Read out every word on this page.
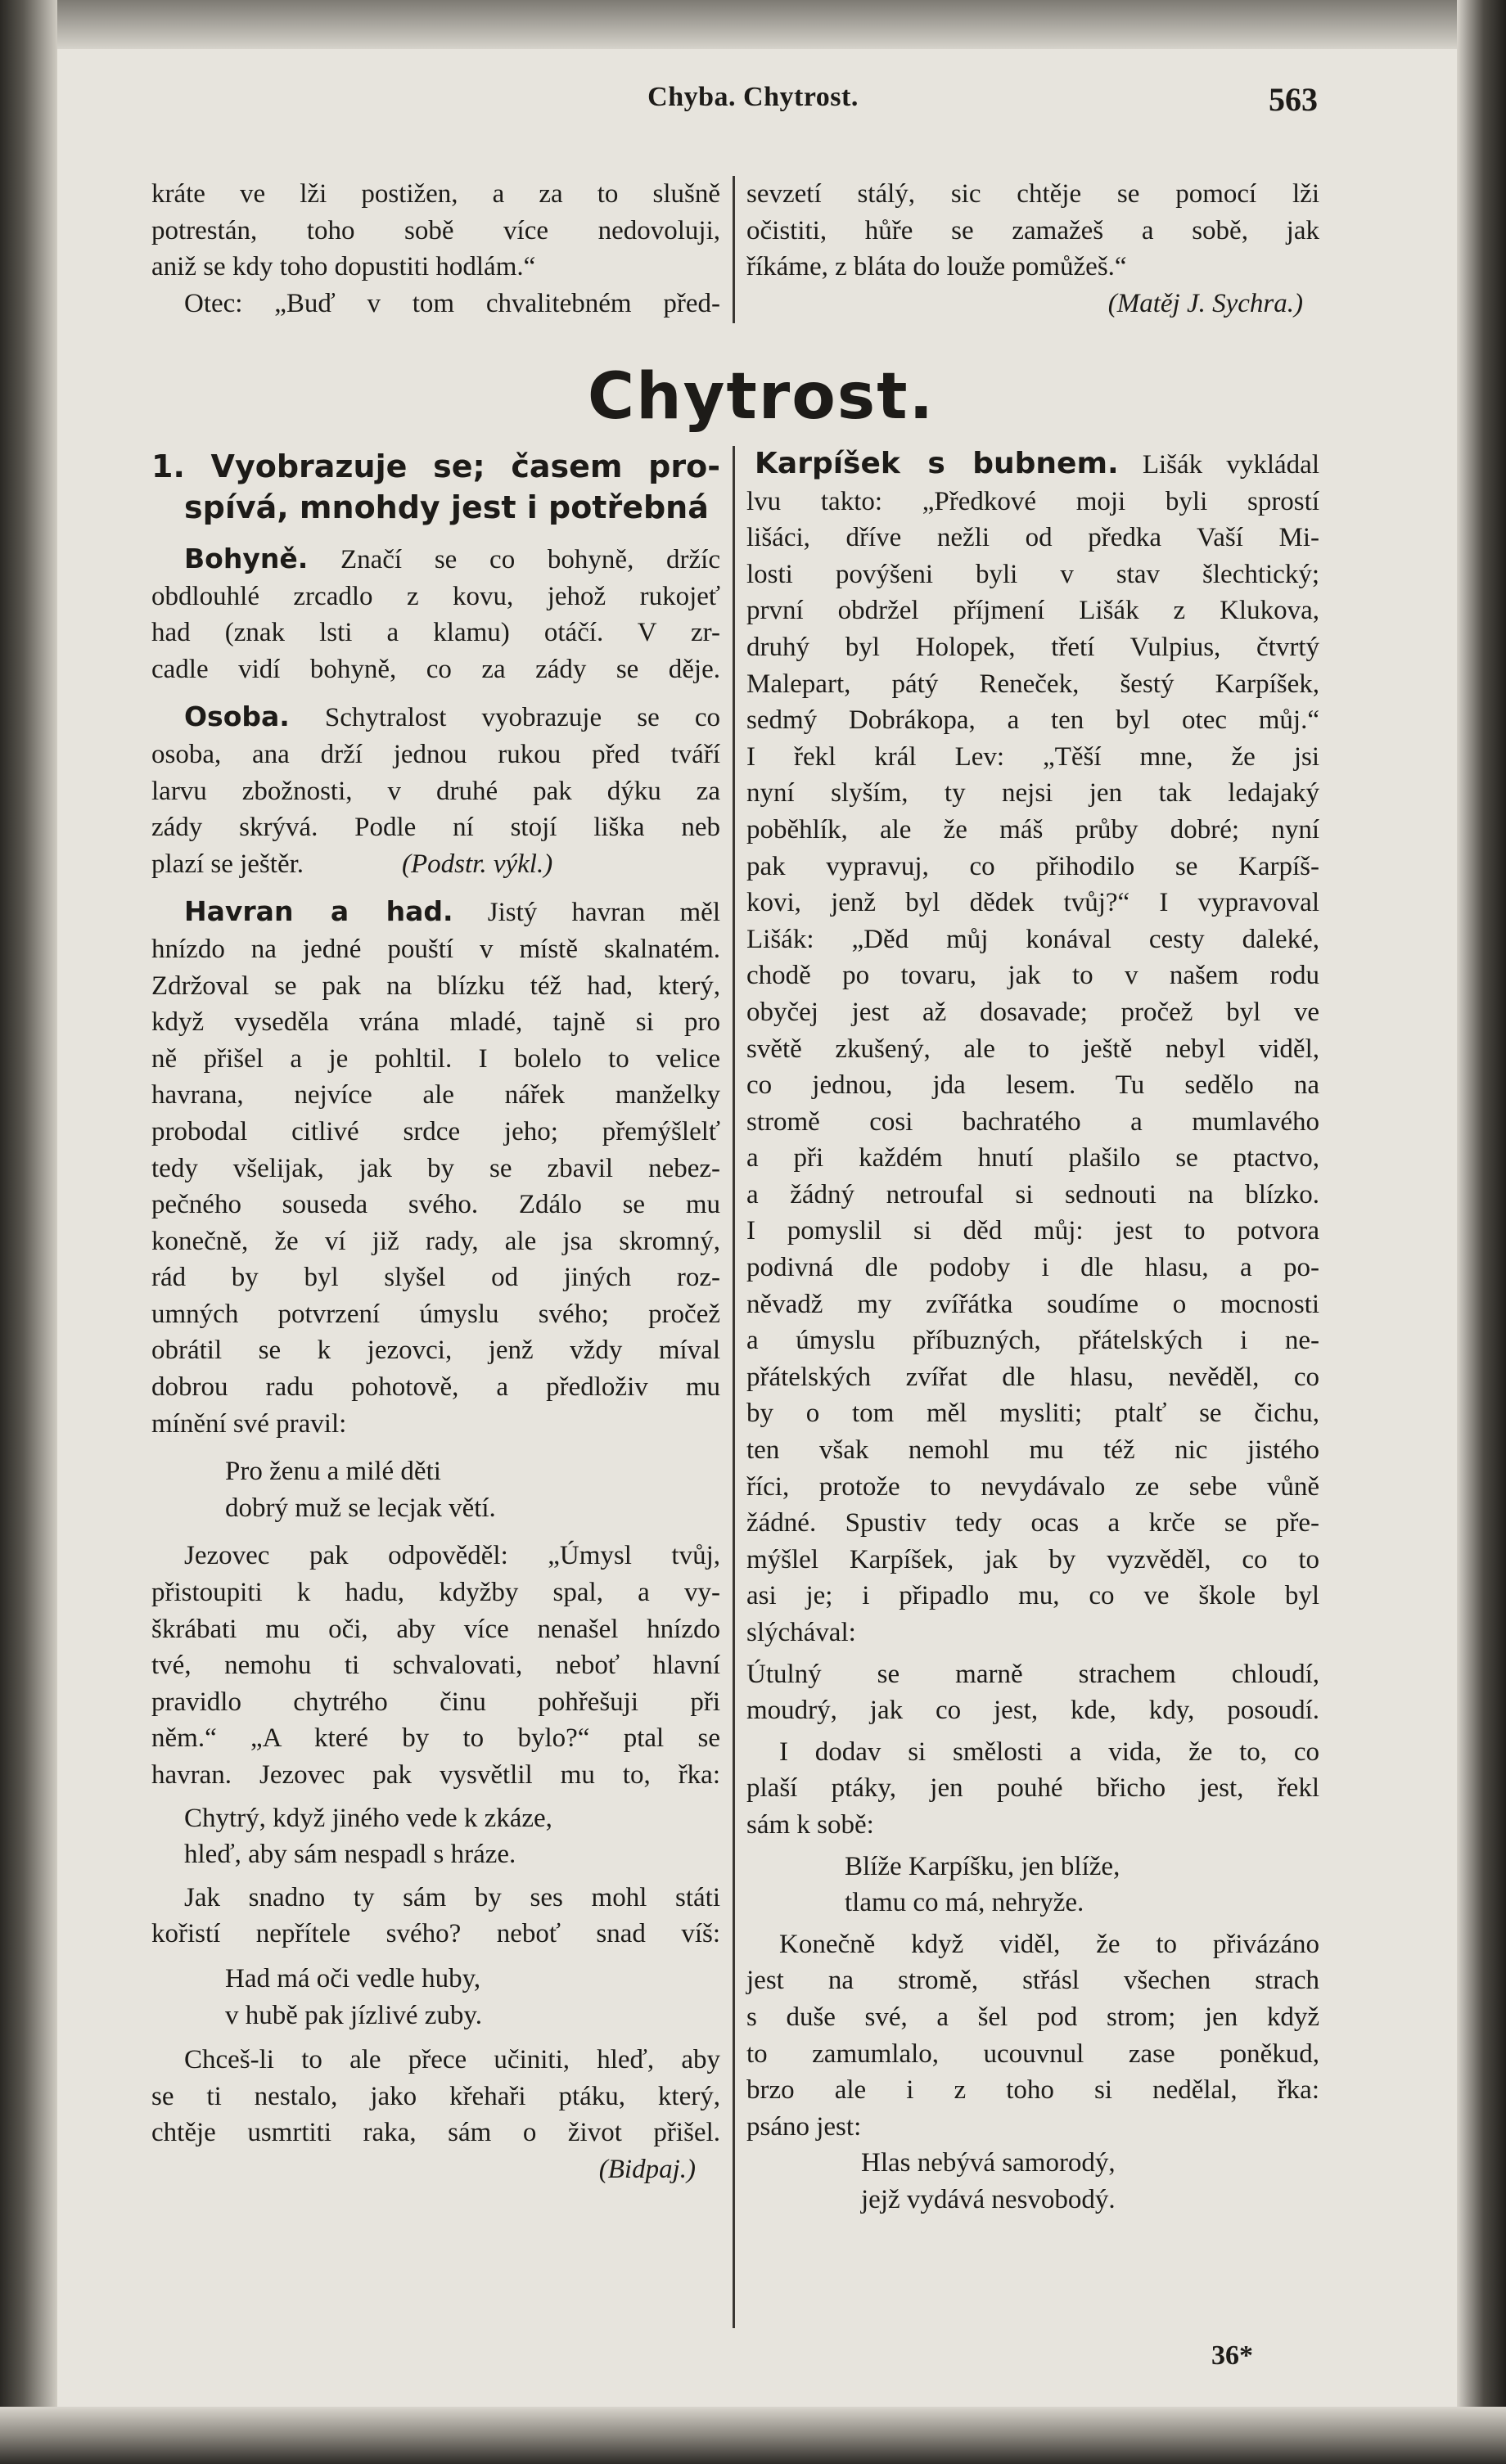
Chyba. Chytrost.	563
kráte ve lži postižen, a za to slušně
potrestán, toho sobě více nedovoluji,
aniž se kdy toho dopustiti hodlám.“
Otec: „Buď v tom chvalitebném před-
sevzetí stálý, sic chtěje se pomocí lži
očistiti, hůře se zamažeš a sobě, jak
říkáme, z bláta do louže pomůžeš.“
(Matěj J. Sychra.)
Chytrost.
1. Vyobrazuje se; časem pro-
spívá, mnohdy jest i potřebná
Bohyně. Značí se co bohyně, držíc
obdlouhlé zrcadlo z kovu, jehož rukojeť
had (znak lsti a klamu) otáčí. V zr-
cadle vidí bohyně, co za zády se děje.
Osoba. Schytralost vyobrazuje se co
osoba, ana drží jednou rukou před tváří
larvu zbožnosti, v druhé pak dýku za
zády skrývá. Podle ní stojí liška neb
plazí se ještěr.	(Podstr. výkl.)
Havran a had. Jistý havran měl
hnízdo na jedné pouští v místě skalnatém.
Zdržoval se pak na blízku též had, který,
když vyseděla vrána mladé, tajně si pro
ně přišel a je pohltil. I bolelo to velice
havrana, nejvíce ale nářek manželky
probodal citlivé srdce jeho; přemýšlelť
tedy všelijak, jak by se zbavil nebez-
pečného souseda svého. Zdálo se mu
konečně, že ví již rady, ale jsa skromný,
rád by byl slyšel od jiných roz-
umných potvrzení úmyslu svého; pročež
obrátil se k jezovci, jenž vždy míval
dobrou radu pohotově, a předloživ mu
mínění své pravil:
Pro ženu a milé děti
dobrý muž se lecjak větí.
Jezovec pak odpověděl: „Úmysl tvůj,
přistoupiti k hadu, kdyžby spal, a vy-
škrábati mu oči, aby více nenašel hnízdo
tvé, nemohu ti schvalovati, neboť hlavní
pravidlo chytrého činu pohřešuji při
něm.“ „A které by to bylo?“ ptal se
havran. Jezovec pak vysvětlil mu to, řka:
Chytrý, když jiného vede k zkáze,
hleď, aby sám nespadl s hráze.
Jak snadno ty sám by ses mohl státi
kořistí nepřítele svého? neboť snad víš:
Had má oči vedle huby,
v hubě pak jízlivé zuby.
Chceš-li to ale přece učiniti, hleď, aby
se ti nestalo, jako křehaři ptáku, který,
chtěje usmrtiti raka, sám o život přišel.
(Bidpaj.)
Karpíšek s bubnem. Lišák vykládal
lvu takto: „Předkové moji byli sprostí
lišáci, dříve nežli od předka Vaší Mi-
losti povýšeni byli v stav šlechtický;
první obdržel příjmení Lišák z Klukova,
druhý byl Holopek, třetí Vulpius, čtvrtý
Malepart, pátý Reneček, šestý Karpíšek,
sedmý Dobrákopa, a ten byl otec můj.“
I řekl král Lev: „Těší mne, že jsi
nyní slyším, ty nejsi jen tak ledajaký
poběhlík, ale že máš průby dobré; nyní
pak vypravuj, co přihodilo se Karpíš-
kovi, jenž byl dědek tvůj?“ I vypravoval
Lišák: „Děd můj konával cesty daleké,
chodě po tovaru, jak to v našem rodu
obyčej jest až dosavade; pročež byl ve
světě zkušený, ale to ještě nebyl viděl,
co jednou, jda lesem. Tu sedělo na
stromě cosi bachratého a mumlavého
a při každém hnutí plašilo se ptactvo,
a žádný netroufal si sednouti na blízko.
I pomyslil si děd můj: jest to potvora
podivná dle podoby i dle hlasu, a po-
něvadž my zvířátka soudíme o mocnosti
a úmyslu příbuzných, přátelských i ne-
přátelských zvířat dle hlasu, nevěděl, co
by o tom měl mysliti; ptalť se čichu,
ten však nemohl mu též nic jistého
říci, protože to nevydávalo ze sebe vůně
žádné. Spustiv tedy ocas a krče se pře-
mýšlel Karpíšek, jak by vyzvěděl, co to
asi je; i připadlo mu, co ve škole byl
slýchával:
Útulný se marně strachem chloudí,
moudrý, jak co jest, kde, kdy, posoudí.
I dodav si smělosti a vida, že to, co
plaší ptáky, jen pouhé břicho jest, řekl
sám k sobě:
Blíže Karpíšku, jen blíže,
tlamu co má, nehryže.
Konečně když viděl, že to přivázáno
jest na stromě, střásl všechen strach
s duše své, a šel pod strom; jen když
to zamumlalo, ucouvnul zase poněkud,
brzo ale i z toho si nedělal, řka:
psáno jest:
Hlas nebývá samorodý,
jejž vydává nesvobodý.
36*
